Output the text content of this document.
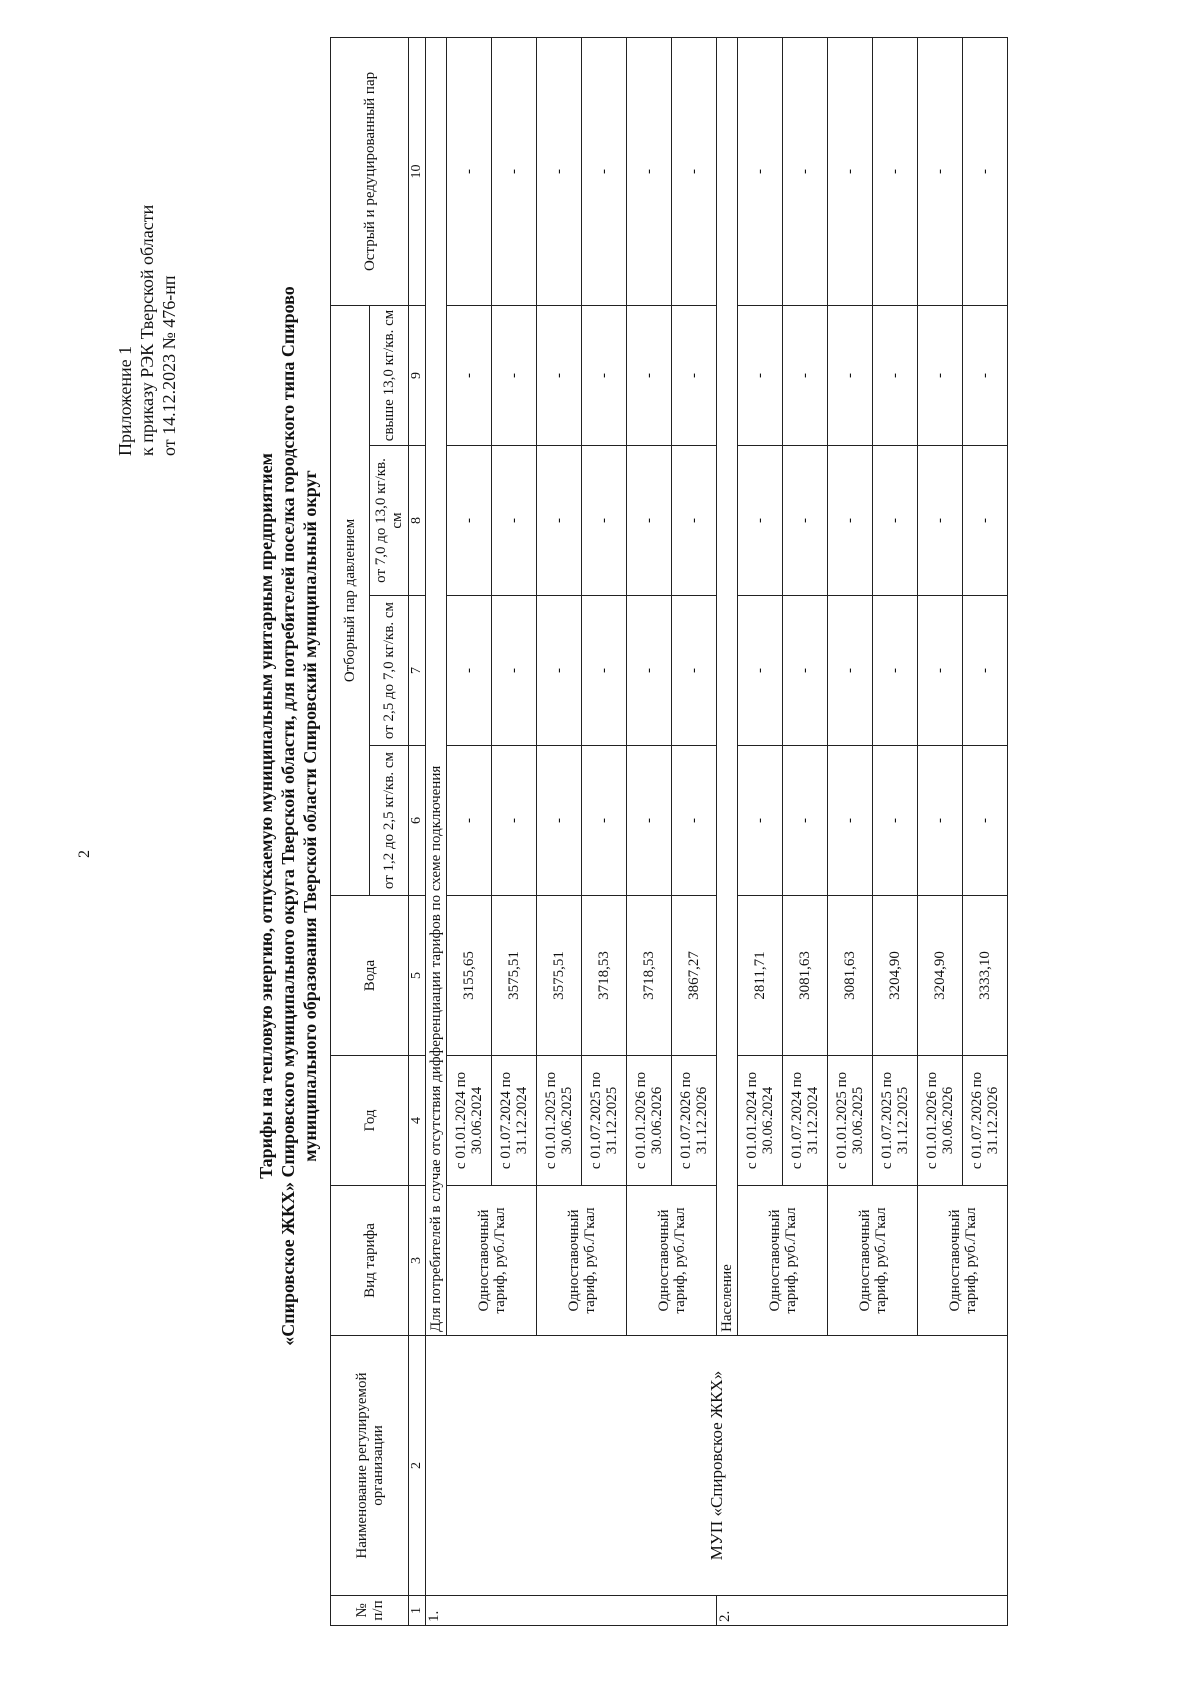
2
Приложение 1 к приказу РЭК Тверской области от 14.12.2023 № 476-нп
Тарифы на тепловую энергию, отпускаемую муниципальным унитарным предприятием «Спировское ЖКХ» Спировского муниципального округа Тверской области, для потребителей поселка городского типа Спирово муниципального образования Тверской области Спировский муниципальный округ
№ п/п	Наименование регулируемой организации	Вид тарифа	Год	Вода	Отборный пар давлением				Острый и редуцированный пар
					от 1,2 до 2,5 кг/кв. см	от 2,5 до 7,0 кг/кв. см	от 7,0 до 13,0 кг/кв. см	свыше 13,0 кг/кв. см	
1	2	3	4	5	6	7	8	9	10
1.	МУП «Спировское ЖКХ»	Для потребителей в случае отсутствия дифференциации тарифов по схеме подключения							
		Одноставочный тариф, руб./Гкал	с 01.01.2024 по 30.06.2024	3155,65	-	-	-	-	-
			с 01.07.2024 по 31.12.2024	3575,51	-	-	-	-	-
		Одноставочный тариф, руб./Гкал	с 01.01.2025 по 30.06.2025	3575,51	-	-	-	-	-
			с 01.07.2025 по 31.12.2025	3718,53	-	-	-	-	-
		Одноставочный тариф, руб./Гкал	с 01.01.2026 по 30.06.2026	3718,53	-	-	-	-	-
			с 01.07.2026 по 31.12.2026	3867,27	-	-	-	-	-
2.		Население							
		Одноставочный тариф, руб./Гкал	с 01.01.2024 по 30.06.2024	2811,71	-	-	-	-	-
			с 01.07.2024 по 31.12.2024	3081,63	-	-	-	-	-
		Одноставочный тариф, руб./Гкал	с 01.01.2025 по 30.06.2025	3081,63	-	-	-	-	-
			с 01.07.2025 по 31.12.2025	3204,90	-	-	-	-	-
		Одноставочный тариф, руб./Гкал	с 01.01.2026 по 30.06.2026	3204,90	-	-	-	-	-
			с 01.07.2026 по 31.12.2026	3333,10	-	-	-	-	-
